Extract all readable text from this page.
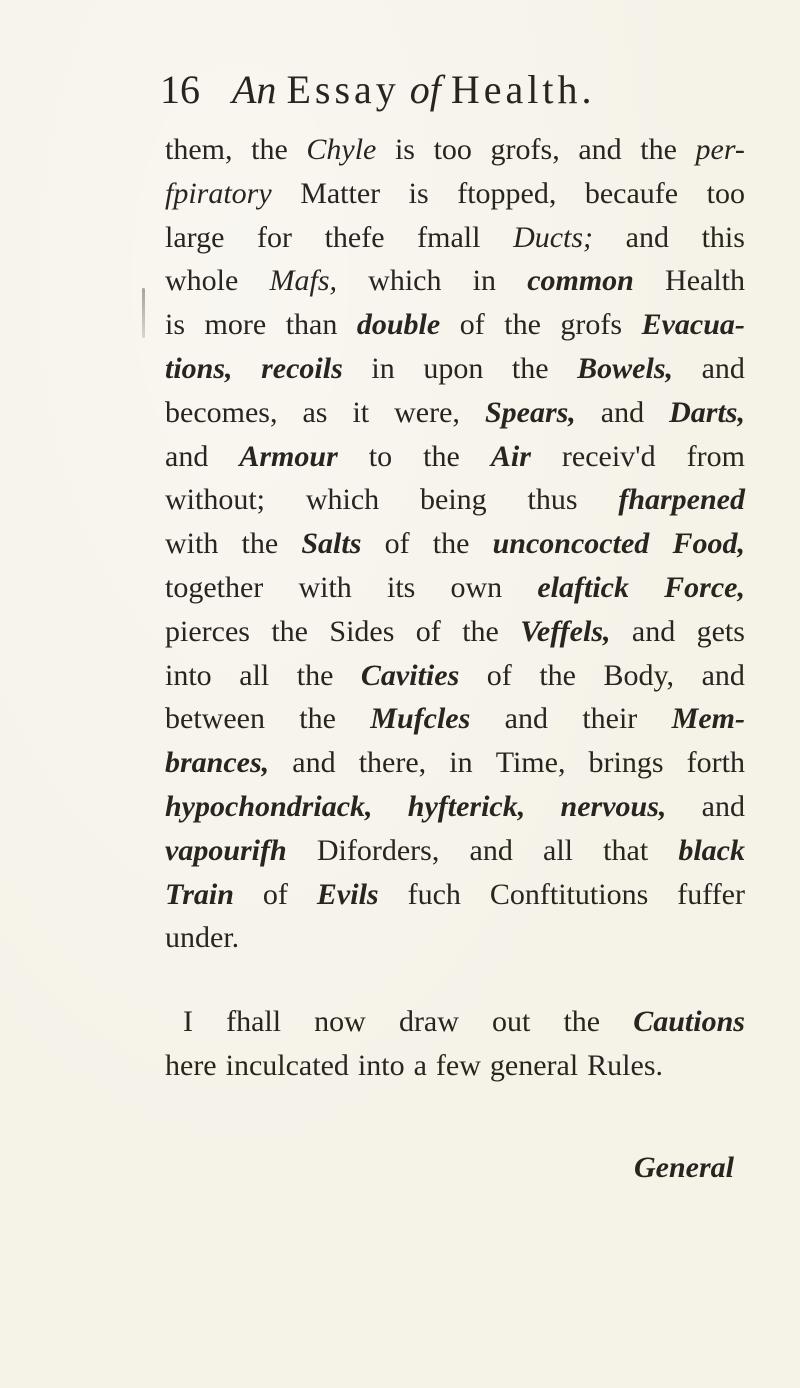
16 An Essay of Health.
them, the Chyle is too grofs, and the per-
fpiratory Matter is ftopped, becaufe too
large for thefe fmall Ducts; and this
whole Mafs, which in common Health
is more than double of the grofs Evacua-
tions, recoils in upon the Bowels, and
becomes, as it were, Spears, and Darts,
and Armour to the Air receiv'd from
without; which being thus fharpened
with the Salts of the unconcocted Food,
together with its own elaftick Force,
pierces the Sides of the Veffels, and gets
into all the Cavities of the Body, and
between the Mufcles and their Mem-
brances, and there, in Time, brings forth
hypochondriack, hyfterick, nervous, and
vapourifh Diforders, and all that black
Train of Evils fuch Conftitutions fuffer
under.
I fhall now draw out the Cautions
here inculcated into a few general Rules.
General
